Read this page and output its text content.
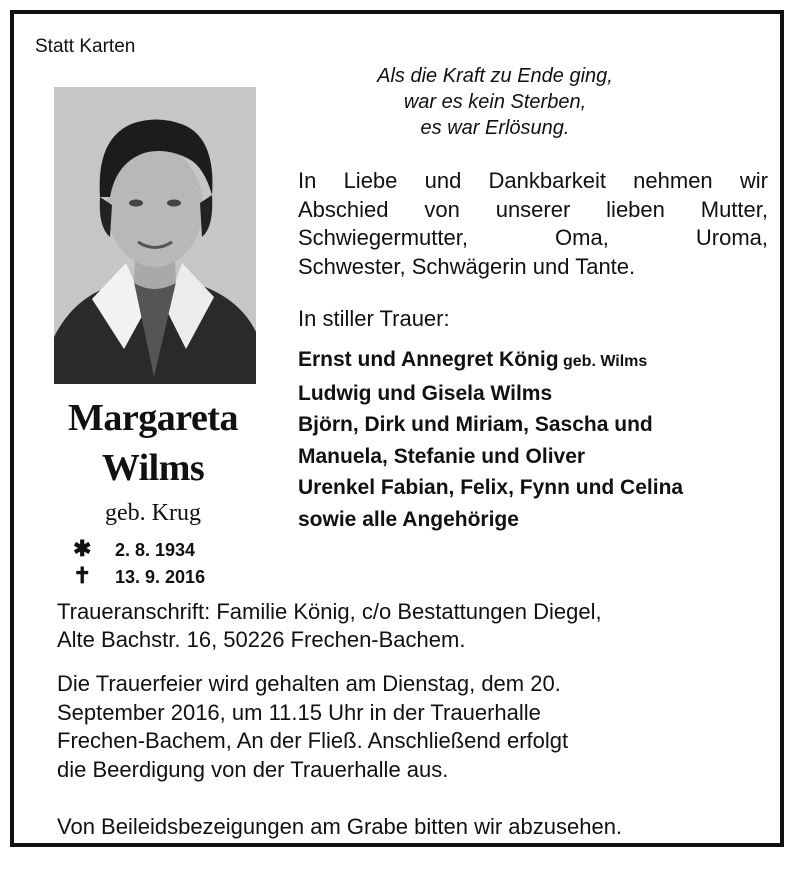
Statt Karten
Als die Kraft zu Ende ging,
war es kein Sterben,
es war Erlösung.
Margareta
Wilms
geb. Krug
✱ 2. 8. 1934
✝ 13. 9. 2016
In Liebe und Dankbarkeit nehmen wir
Abschied von unserer lieben Mutter,
Schwiegermutter, Oma, Uroma,
Schwester, Schwägerin und Tante.
In stiller Trauer:
Ernst und Annegret König geb. Wilms
Ludwig und Gisela Wilms
Björn, Dirk und Miriam, Sascha und
Manuela, Stefanie und Oliver
Urenkel Fabian, Felix, Fynn und Celina
sowie alle Angehörige
Traueranschrift: Familie König, c/o Bestattungen Diegel,
Alte Bachstr. 16, 50226 Frechen-Bachem.
Die Trauerfeier wird gehalten am Dienstag, dem 20.
September 2016, um 11.15 Uhr in der Trauerhalle
Frechen-Bachem, An der Fließ. Anschließend erfolgt
die Beerdigung von der Trauerhalle aus.
Von Beileidsbezeigungen am Grabe bitten wir abzusehen.
